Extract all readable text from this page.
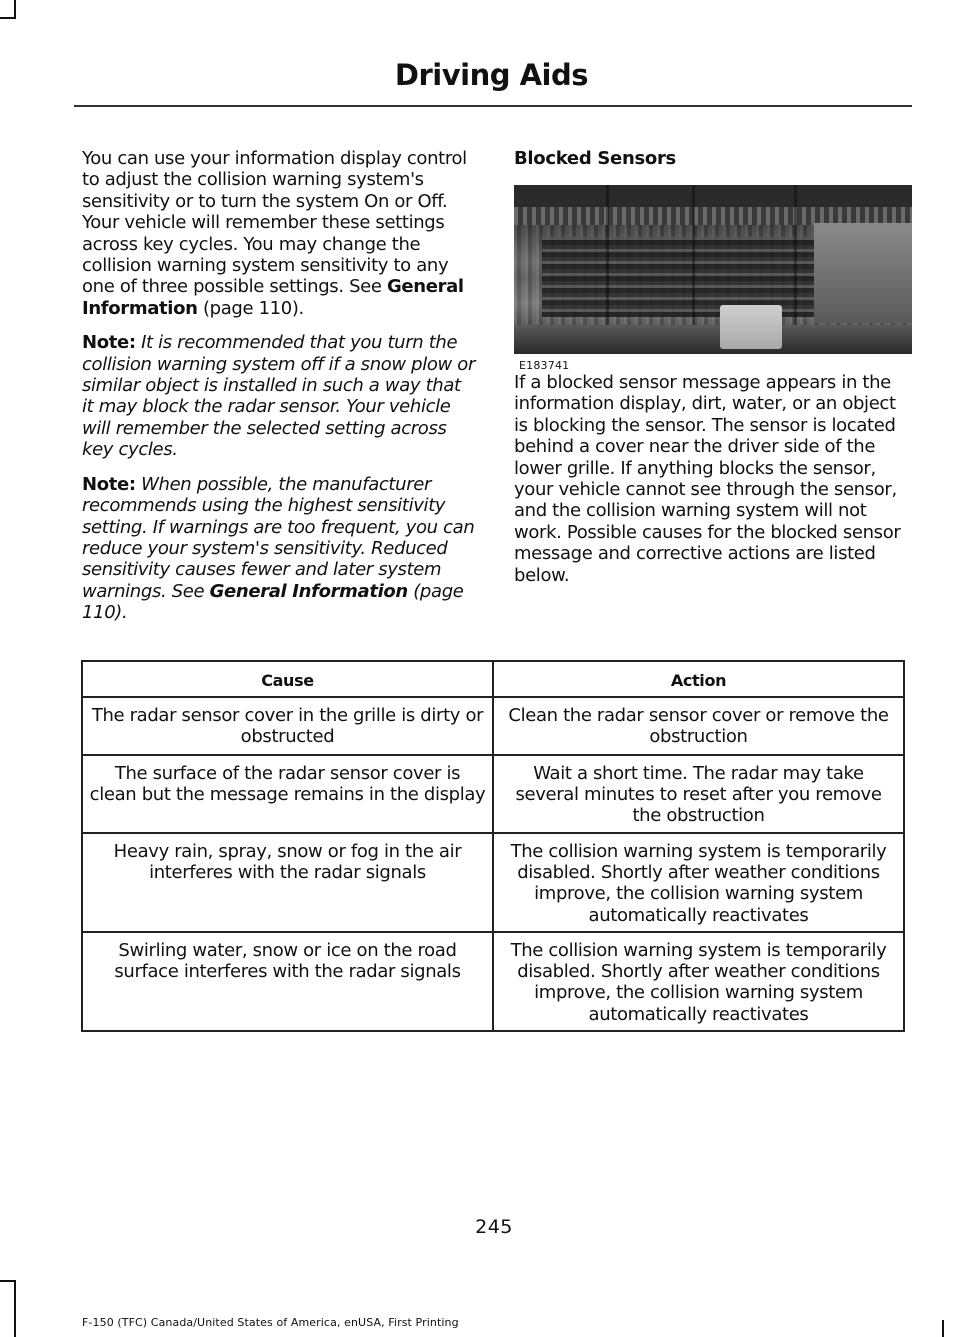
Driving Aids

You can use your information display control to adjust the collision warning system's sensitivity or to turn the system On or Off. Your vehicle will remember these settings across key cycles. You may change the collision warning system sensitivity to any one of three possible settings. See General Information (page 110).

Note: It is recommended that you turn the collision warning system off if a snow plow or similar object is installed in such a way that it may block the radar sensor. Your vehicle will remember the selected setting across key cycles.

Note: When possible, the manufacturer recommends using the highest sensitivity setting. If warnings are too frequent, you can reduce your system's sensitivity. Reduced sensitivity causes fewer and later system warnings. See General Information (page 110).

Blocked Sensors
E183741

If a blocked sensor message appears in the information display, dirt, water, or an object is blocking the sensor. The sensor is located behind a cover near the driver side of the lower grille. If anything blocks the sensor, your vehicle cannot see through the sensor, and the collision warning system will not work. Possible causes for the blocked sensor message and corrective actions are listed below.

Cause	Action
The radar sensor cover in the grille is dirty or obstructed	Clean the radar sensor cover or remove the obstruction
The surface of the radar sensor cover is clean but the message remains in the display	Wait a short time. The radar may take several minutes to reset after you remove the obstruction
Heavy rain, spray, snow or fog in the air interferes with the radar signals	The collision warning system is temporarily disabled. Shortly after weather conditions improve, the collision warning system automatically reactivates
Swirling water, snow or ice on the road surface interferes with the radar signals	The collision warning system is temporarily disabled. Shortly after weather conditions improve, the collision warning system automatically reactivates
245
F-150 (TFC) Canada/United States of America, enUSA, First Printing
